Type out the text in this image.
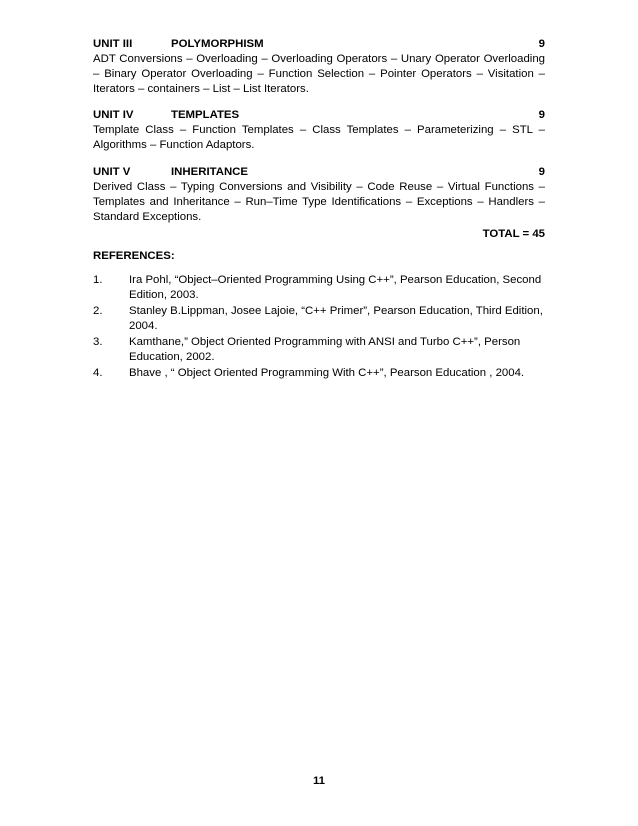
UNIT III	POLYMORPHISM	9
ADT Conversions – Overloading – Overloading Operators – Unary Operator Overloading – Binary Operator Overloading – Function Selection – Pointer Operators – Visitation – Iterators – containers – List – List Iterators.
UNIT IV	TEMPLATES	9
Template Class – Function Templates – Class Templates – Parameterizing – STL – Algorithms – Function Adaptors.
UNIT V	INHERITANCE	9
Derived Class – Typing Conversions and Visibility – Code Reuse – Virtual Functions – Templates and Inheritance – Run–Time Type Identifications – Exceptions – Handlers – Standard Exceptions.
TOTAL = 45
REFERENCES:
1.	Ira Pohl, “Object–Oriented Programming Using C++”, Pearson Education, Second Edition, 2003.
2.	Stanley B.Lippman, Josee Lajoie, “C++ Primer”, Pearson Education, Third Edition, 2004.
3.	Kamthane,” Object Oriented Programming with ANSI and Turbo C++”, Person Education, 2002.
4.	Bhave , “ Object Oriented Programming With C++”, Pearson Education , 2004.
11
